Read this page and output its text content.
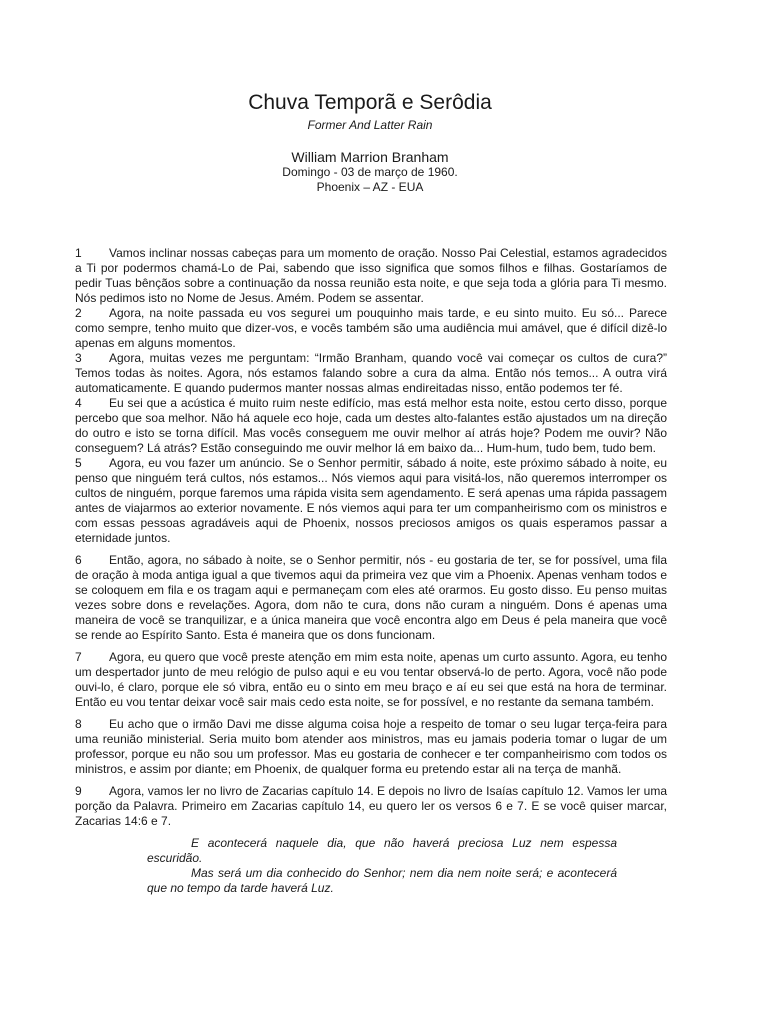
Chuva Temporã e Serôdia
Former And Latter Rain
William Marrion Branham
Domingo - 03 de março de 1960.
Phoenix – AZ - EUA

1 Vamos inclinar nossas cabeças para um momento de oração. Nosso Pai Celestial, estamos agradecidos a Ti por podermos chamá-Lo de Pai, sabendo que isso significa que somos filhos e filhas. Gostaríamos de pedir Tuas bênçãos sobre a continuação da nossa reunião esta noite, e que seja toda a glória para Ti mesmo. Nós pedimos isto no Nome de Jesus. Amém. Podem se assentar.

2 Agora, na noite passada eu vos segurei um pouquinho mais tarde, e eu sinto muito. Eu só... Parece como sempre, tenho muito que dizer-vos, e vocês também são uma audiência mui amável, que é difícil dizê-lo apenas em alguns momentos.

3 Agora, muitas vezes me perguntam: “Irmão Branham, quando você vai começar os cultos de cura?” Temos todas às noites. Agora, nós estamos falando sobre a cura da alma. Então nós temos... A outra virá automaticamente. E quando pudermos manter nossas almas endireitadas nisso, então podemos ter fé.

4 Eu sei que a acústica é muito ruim neste edifício, mas está melhor esta noite, estou certo disso, porque percebo que soa melhor. Não há aquele eco hoje, cada um destes alto-falantes estão ajustados um na direção do outro e isto se torna difícil. Mas vocês conseguem me ouvir melhor aí atrás hoje? Podem me ouvir? Não conseguem? Lá atrás? Estão conseguindo me ouvir melhor lá em baixo da... Hum-hum, tudo bem, tudo bem.

5 Agora, eu vou fazer um anúncio. Se o Senhor permitir, sábado á noite, este próximo sábado à noite, eu penso que ninguém terá cultos, nós estamos... Nós viemos aqui para visitá-los, não queremos interromper os cultos de ninguém, porque faremos uma rápida visita sem agendamento. E será apenas uma rápida passagem antes de viajarmos ao exterior novamente. E nós viemos aqui para ter um companheirismo com os ministros e com essas pessoas agradáveis aqui de Phoenix, nossos preciosos amigos os quais esperamos passar a eternidade juntos.

6 Então, agora, no sábado à noite, se o Senhor permitir, nós - eu gostaria de ter, se for possível, uma fila de oração à moda antiga igual a que tivemos aqui da primeira vez que vim a Phoenix. Apenas venham todos e se coloquem em fila e os tragam aqui e permaneçam com eles até orarmos. Eu gosto disso. Eu penso muitas vezes sobre dons e revelações. Agora, dom não te cura, dons não curam a ninguém. Dons é apenas uma maneira de você se tranquilizar, e a única maneira que você encontra algo em Deus é pela maneira que você se rende ao Espírito Santo. Esta é maneira que os dons funcionam.

7 Agora, eu quero que você preste atenção em mim esta noite, apenas um curto assunto. Agora, eu tenho um despertador junto de meu relógio de pulso aqui e eu vou tentar observá-lo de perto. Agora, você não pode ouvi-lo, é claro, porque ele só vibra, então eu o sinto em meu braço e aí eu sei que está na hora de terminar. Então eu vou tentar deixar você sair mais cedo esta noite, se for possível, e no restante da semana também.

8 Eu acho que o irmão Davi me disse alguma coisa hoje a respeito de tomar o seu lugar terça-feira para uma reunião ministerial. Seria muito bom atender aos ministros, mas eu jamais poderia tomar o lugar de um professor, porque eu não sou um professor. Mas eu gostaria de conhecer e ter companheirismo com todos os ministros, e assim por diante; em Phoenix, de qualquer forma eu pretendo estar ali na terça de manhã.

9 Agora, vamos ler no livro de Zacarias capítulo 14. E depois no livro de Isaías capítulo 12. Vamos ler uma porção da Palavra. Primeiro em Zacarias capítulo 14, eu quero ler os versos 6 e 7. E se você quiser marcar, Zacarias 14:6 e 7.

E acontecerá naquele dia, que não haverá preciosa Luz nem espessa escuridão.

Mas será um dia conhecido do Senhor; nem dia nem noite será; e acontecerá que no tempo da tarde haverá Luz.
